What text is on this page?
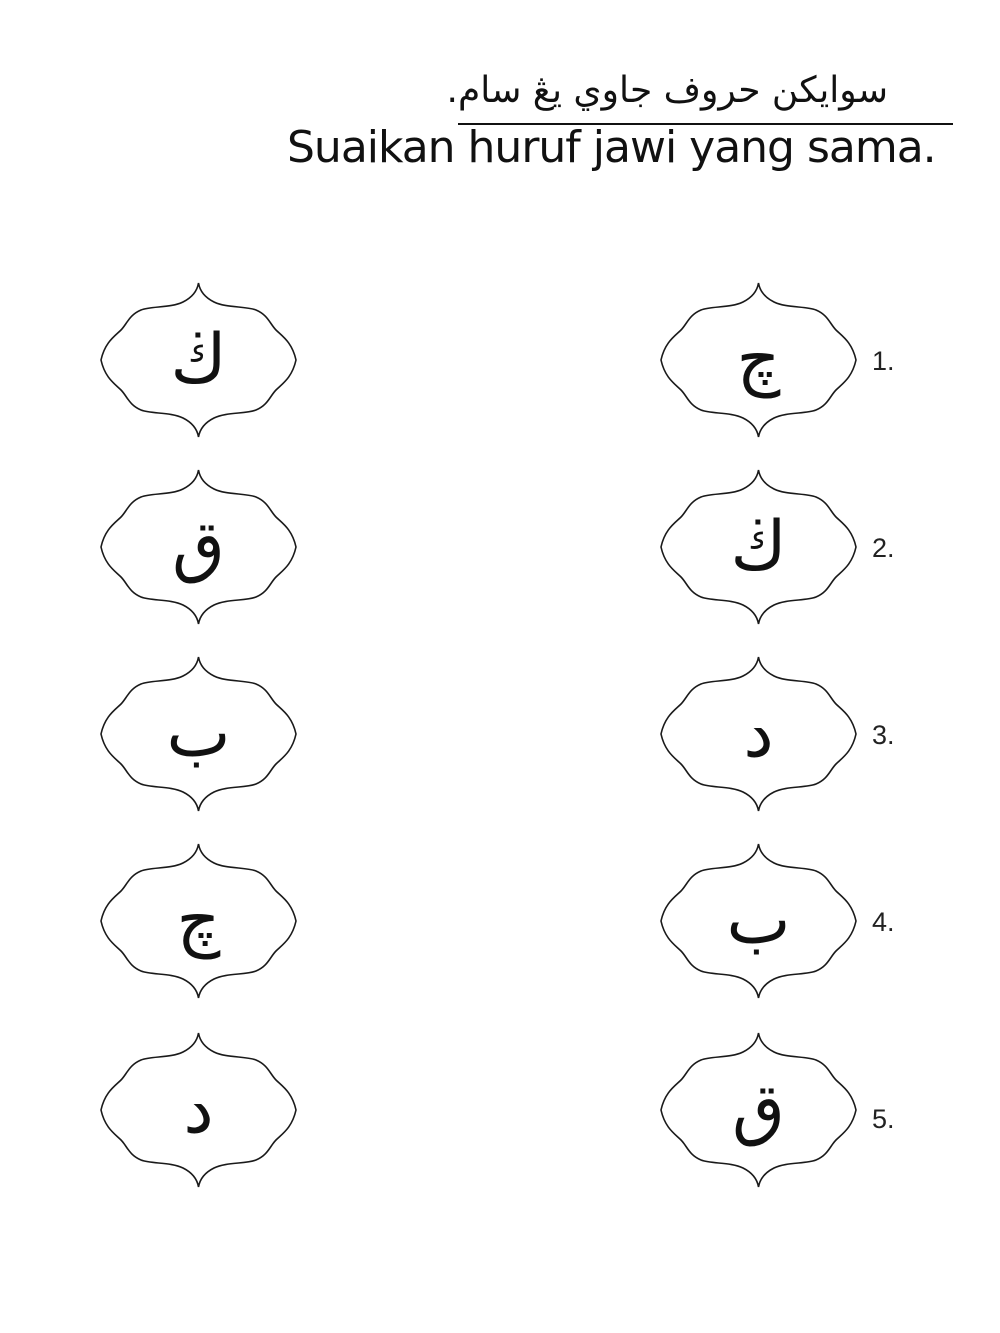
سوايكن حروف جاوي يڠ سام.
Suaikan huruf jawi yang sama.
ڬ
ق
ب
چ
د
چ	.1
ڬ	.2
د	.3
ب	.4
ق	.5
